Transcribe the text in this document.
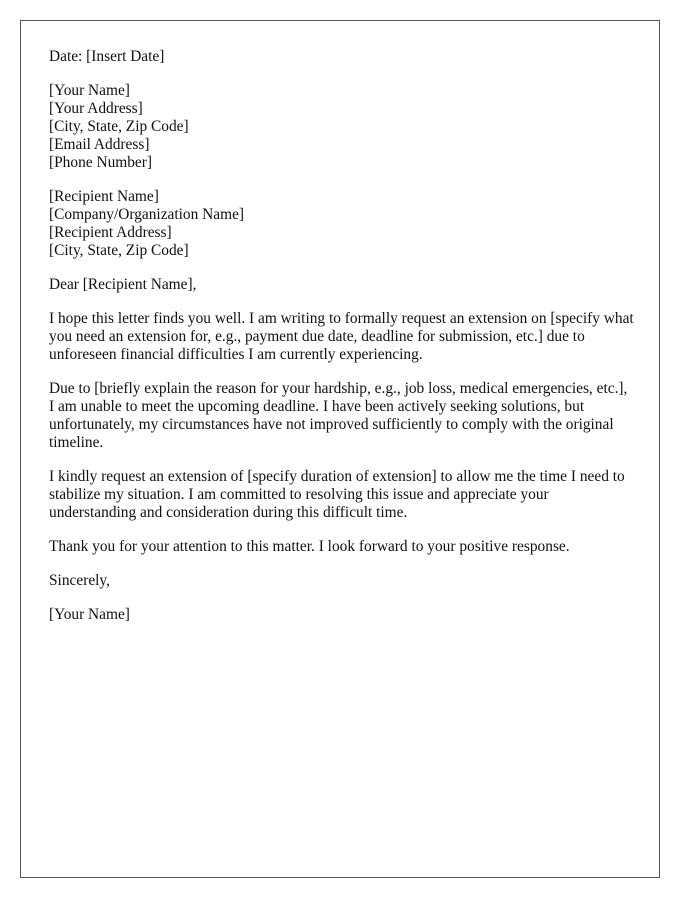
Date: [Insert Date]

[Your Name]
[Your Address]
[City, State, Zip Code]
[Email Address]
[Phone Number]
[Recipient Name]
[Company/Organization Name]
[Recipient Address]
[City, State, Zip Code]

Dear [Recipient Name],

I hope this letter finds you well. I am writing to formally request an extension on [specify what you need an extension for, e.g., payment due date, deadline for submission, etc.] due to unforeseen financial difficulties I am currently experiencing.

Due to [briefly explain the reason for your hardship, e.g., job loss, medical emergencies, etc.], I am unable to meet the upcoming deadline. I have been actively seeking solutions, but unfortunately, my circumstances have not improved sufficiently to comply with the original timeline.

I kindly request an extension of [specify duration of extension] to allow me the time I need to stabilize my situation. I am committed to resolving this issue and appreciate your understanding and consideration during this difficult time.

Thank you for your attention to this matter. I look forward to your positive response.

Sincerely,

[Your Name]
